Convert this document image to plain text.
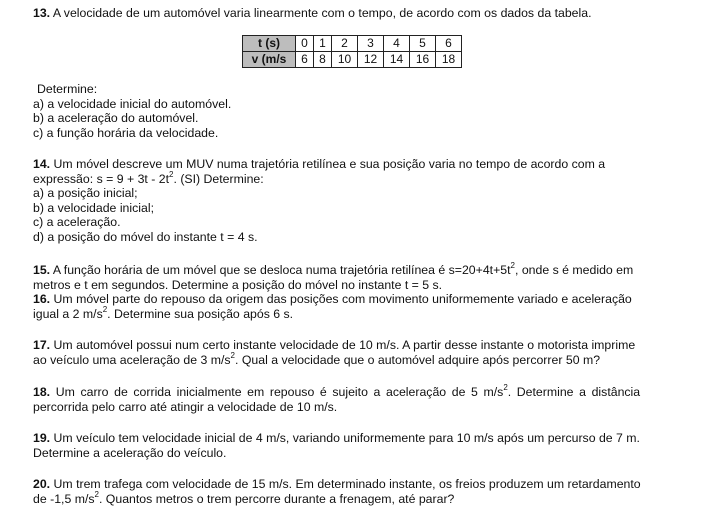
13. A velocidade de um automóvel varia linearmente com o tempo, de acordo com os dados da tabela.

t (s)	0	1	2	3	4	5	6
v (m/s	6	8	10	12	14	16	18
Determine:
a) a velocidade inicial do automóvel.
b) a aceleração do automóvel.
c) a função horária da velocidade.
14. Um móvel descreve um MUV numa trajetória retilínea e sua posição varia no tempo de acordo com a
expressão: $s = 9 + 3t - 2t^2$. (SI) Determine:
a) a posição inicial;
b) a velocidade inicial;
c) a aceleração.
d) a posição do móvel do instante t = 4 s.
15. A função horária de um móvel que se desloca numa trajetória retilínea é $s=20+4t+5t^2$, onde s é medido em
metros e t em segundos. Determine a posição do móvel no instante t = 5 s.
16. Um móvel parte do repouso da origem das posições com movimento uniformemente variado e aceleração
igual a 2 $m/s^2$. Determine sua posição após 6 s.
17. Um automóvel possui num certo instante velocidade de 10 m/s. A partir desse instante o motorista imprime
ao veículo uma aceleração de 3 $m/s^2$. Qual a velocidade que o automóvel adquire após percorrer 50 m?
18. Um carro de corrida inicialmente em repouso é sujeito a aceleração de 5 $m/s^2$. Determine a distância
percorrida pelo carro até atingir a velocidade de 10 m/s.
19. Um veículo tem velocidade inicial de 4 m/s, variando uniformemente para 10 m/s após um percurso de 7 m.
Determine a aceleração do veículo.
20. Um trem trafega com velocidade de 15 m/s. Em determinado instante, os freios produzem um retardamento
de -1,5 $m/s^2$. Quantos metros o trem percorre durante a frenagem, até parar?
